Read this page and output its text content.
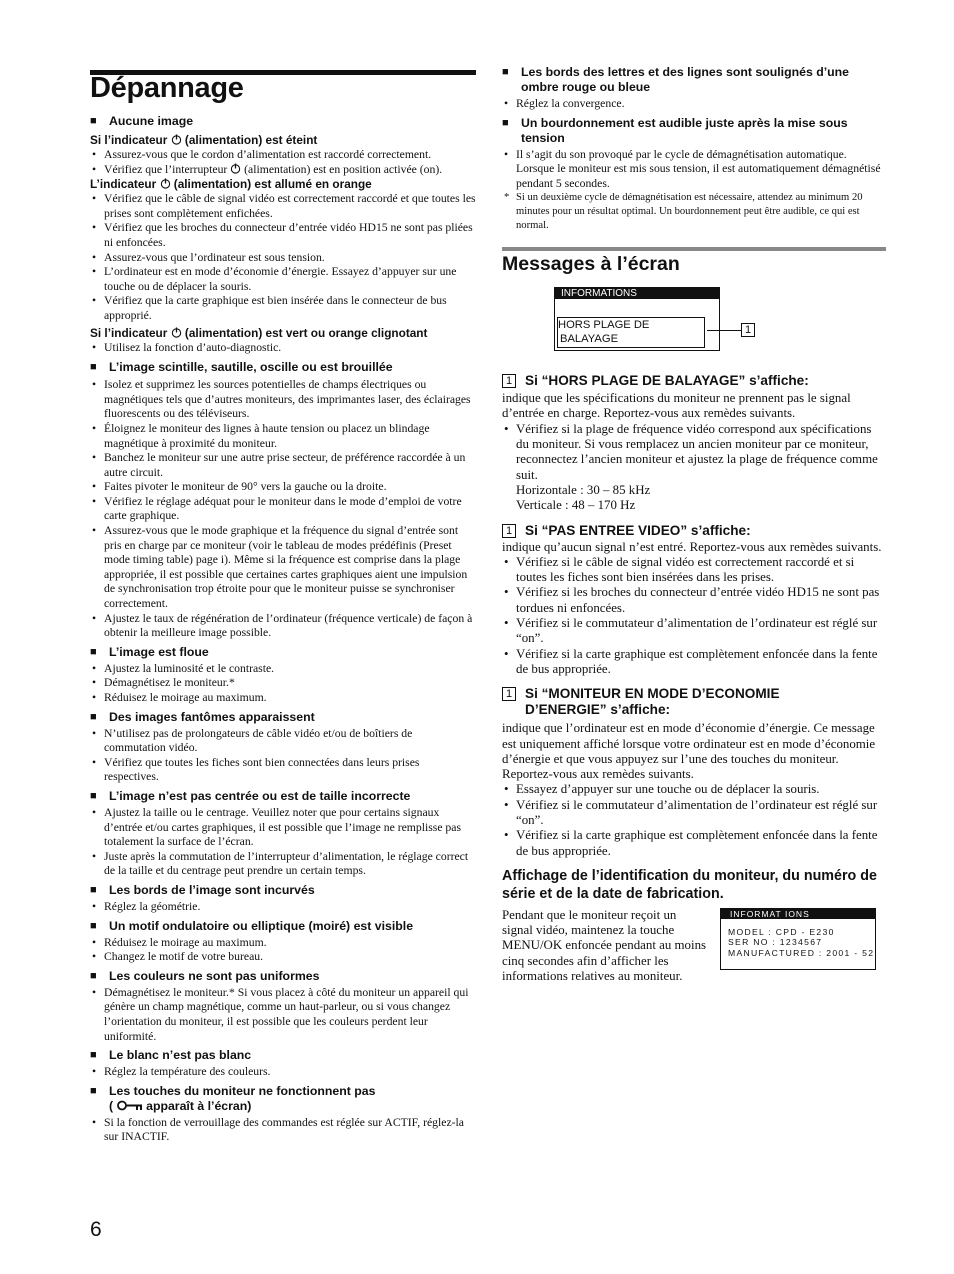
Dépannage
■ Aucune image
Si l’indicateur (alimentation) est éteint
• Assurez-vous que le cordon d’alimentation est raccordé correctement.
• Vérifiez que l’interrupteur (alimentation) est en position activée (on).
L’indicateur (alimentation) est allumé en orange
• Vérifiez que le câble de signal vidéo est correctement raccordé et que toutes les prises sont complètement enfichées.
• Vérifiez que les broches du connecteur d’entrée vidéo HD15 ne sont pas pliées ni enfoncées.
• Assurez-vous que l’ordinateur est sous tension.
• L’ordinateur est en mode d’économie d’énergie. Essayez d’appuyer sur une touche ou de déplacer la souris.
• Vérifiez que la carte graphique est bien insérée dans le connecteur de bus approprié.
Si l’indicateur (alimentation) est vert ou orange clignotant
• Utilisez la fonction d’auto-diagnostic.
■ L’image scintille, sautille, oscille ou est brouillée
• Isolez et supprimez les sources potentielles de champs électriques ou magnétiques tels que d’autres moniteurs, des imprimantes laser, des éclairages fluorescents ou des téléviseurs.
• Éloignez le moniteur des lignes à haute tension ou placez un blindage magnétique à proximité du moniteur.
• Banchez le moniteur sur une autre prise secteur, de préférence raccordée à un autre circuit.
• Faites pivoter le moniteur de 90° vers la gauche ou la droite.
• Vérifiez le réglage adéquat pour le moniteur dans le mode d’emploi de votre carte graphique.
• Assurez-vous que le mode graphique et la fréquence du signal d’entrée sont pris en charge par ce moniteur (voir le tableau de modes prédéfinis (Preset mode timing table) page i). Même si la fréquence est comprise dans la plage appropriée, il est possible que certaines cartes graphiques aient une impulsion de synchronisation trop étroite pour que le moniteur puisse se synchroniser correctement.
• Ajustez le taux de régénération de l’ordinateur (fréquence verticale) de façon à obtenir la meilleure image possible.
■ L’image est floue
• Ajustez la luminosité et le contraste.
• Démagnétisez le moniteur.*
• Réduisez le moirage au maximum.
■ Des images fantômes apparaissent
• N’utilisez pas de prolongateurs de câble vidéo et/ou de boîtiers de commutation vidéo.
• Vérifiez que toutes les fiches sont bien connectées dans leurs prises respectives.
■ L’image n’est pas centrée ou est de taille incorrecte
• Ajustez la taille ou le centrage. Veuillez noter que pour certains signaux d’entrée et/ou cartes graphiques, il est possible que l’image ne remplisse pas totalement la surface de l’écran.
• Juste après la commutation de l’interrupteur d’alimentation, le réglage correct de la taille et du centrage peut prendre un certain temps.
■ Les bords de l’image sont incurvés
• Réglez la géométrie.
■ Un motif ondulatoire ou elliptique (moiré) est visible
• Réduisez le moirage au maximum.
• Changez le motif de votre bureau.
■ Les couleurs ne sont pas uniformes
• Démagnétisez le moniteur.* Si vous placez à côté du moniteur un appareil qui génère un champ magnétique, comme un haut-parleur, ou si vous changez l’orientation du moniteur, il est possible que les couleurs perdent leur uniformité.
■ Le blanc n’est pas blanc
• Réglez la température des couleurs.
■ Les touches du moniteur ne fonctionnent pas
(	apparaît à l’écran)
• Si la fonction de verrouillage des commandes est réglée sur ACTIF, réglez-la sur INACTIF.
■ Les bords des lettres et des lignes sont soulignés d’une ombre rouge ou bleue
• Réglez la convergence.
■ Un bourdonnement est audible juste après la mise sous tension
• Il s’agit du son provoqué par le cycle de démagnétisation automatique. Lorsque le moniteur est mis sous tension, il est automatiquement démagnétisé pendant 5 secondes.
* Si un deuxième cycle de démagnétisation est nécessaire, attendez au minimum 20 minutes pour un résultat optimal. Un bourdonnement peut être audible, ce qui est normal.
Messages à l’écran
INFORMATIONS
HORS PLAGE DE
BALAYAGE
1
1 Si “HORS PLAGE DE BALAYAGE” s’affiche:

indique que les spécifications du moniteur ne prennent pas le signal d’entrée en charge. Reportez-vous aux remèdes suivants.

• Vérifiez si la plage de fréquence vidéo correspond aux spécifications du moniteur. Si vous remplacez un ancien moniteur par ce moniteur, reconnectez l’ancien moniteur et ajustez la plage de fréquence comme suit.
Horizontale : 30 – 85 kHz
Verticale : 48 – 170 Hz
1 Si “PAS ENTREE VIDEO” s’affiche:

indique qu’aucun signal n’est entré. Reportez-vous aux remèdes suivants.

• Vérifiez si le câble de signal vidéo est correctement raccordé et si toutes les fiches sont bien insérées dans les prises.
• Vérifiez si les broches du connecteur d’entrée vidéo HD15 ne sont pas tordues ni enfoncées.
• Vérifiez si le commutateur d’alimentation de l’ordinateur est réglé sur “on”.
• Vérifiez si la carte graphique est complètement enfoncée dans la fente de bus appropriée.
1 Si “MONITEUR EN MODE D’ECONOMIE
D’ENERGIE” s’affiche:

indique que l’ordinateur est en mode d’économie d’énergie. Ce message est uniquement affiché lorsque votre ordinateur est en mode d’économie d’énergie et que vous appuyez sur l’une des touches du moniteur. Reportez-vous aux remèdes suivants.

• Essayez d’appuyer sur une touche ou de déplacer la souris.
• Vérifiez si le commutateur d’alimentation de l’ordinateur est réglé sur “on”.
• Vérifiez si la carte graphique est complètement enfoncée dans la fente de bus appropriée.
Affichage de l’identification du moniteur, du numéro de série et de la date de fabrication.

Pendant que le moniteur reçoit un signal vidéo, maintenez la touche MENU/OK enfoncée pendant au moins cinq secondes afin d’afficher les informations relatives au moniteur.

INFORMAT IONS
MODEL : CPD - E230
SER NO : 1234567
MANUFACTURED : 2001 - 52
6
